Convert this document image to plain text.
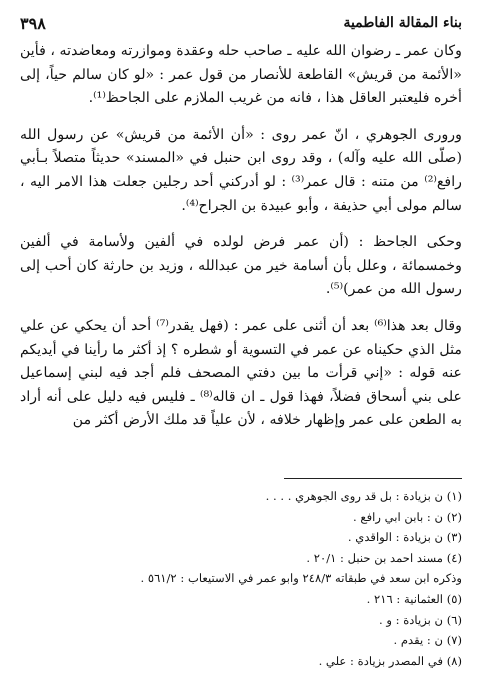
بناء المقالة الفاطمية
٣٩٨

وكان عمر ـ رضوان الله عليه ـ صاحب حله وعقدة وموازرته ومعاضدته ، فأين «الأئمة من قريش» القاطعة للأنصار من قول عمر : «لو كان سالم حياً، إلى أخره فليعتبر العاقل هذا ، فانه من غريب الملازم على الجاحظ⁽¹⁾.

ورورى الجوهري ، انّ عمر روى : «أن الأئمة من قريش» عن رسول الله (صلّى الله عليه وآله) ، وقد روى ابن حنبل في «المسند» حديثاً متصلاً بـأبي رافع⁽²⁾ من متنه : قال عمر⁽³⁾ : لو أدركني أحد رجلين جعلت هذا الامر اليه ، سالم مولى أبي حذيفة ، وأبو عبيدة بن الجراح⁽⁴⁾.

وحكى الجاحظ : (أن عمر فرض لولده في ألفين ولأسامة في ألفين وخمسمائة ، وعلل بأن أسامة خير من عبدالله ، وزيد بن حارثة كان أحب إلى رسول الله من عمر)⁽⁵⁾.

وقال بعد هذا⁽⁶⁾ بعد أن أثنى على عمر : (فهل يقدر⁽⁷⁾ أحد أن يحكي عن علي مثل الذي حكيناه عن عمر في التسوية أو شطره ؟ إذ أكثر ما رأينا في أيديكم عنه قوله : «إني قرأت ما بين دفتي المصحف فلم أجد فيه لبني إسماعيل على بني أسحاق فضلاً، فهذا قول ـ ان قاله⁽⁸⁾ ـ فليس فيه دليل على أنه أراد به الطعن على عمر وإظهار خلافه ، لأن علياً قد ملك الأرض أكثر من

(١) ن بزيادة : بل قد روى الجوهري . . . .
(٢) ن : بابن ابي رافع .
(٣) ن بزيادة : الواقدي .
(٤) مسند احمد بن حنبل : ٢٠/١ .
وذكره ابن سعد في طبقاته ٢٤٨/٣ وابو عمر في الاستيعاب : ٥٦١/٢ .
(٥) العثمانية : ٢١٦ .
(٦) ن بزيادة : و .
(٧) ن : يقدم .
(٨) في المصدر بزيادة : علي .
